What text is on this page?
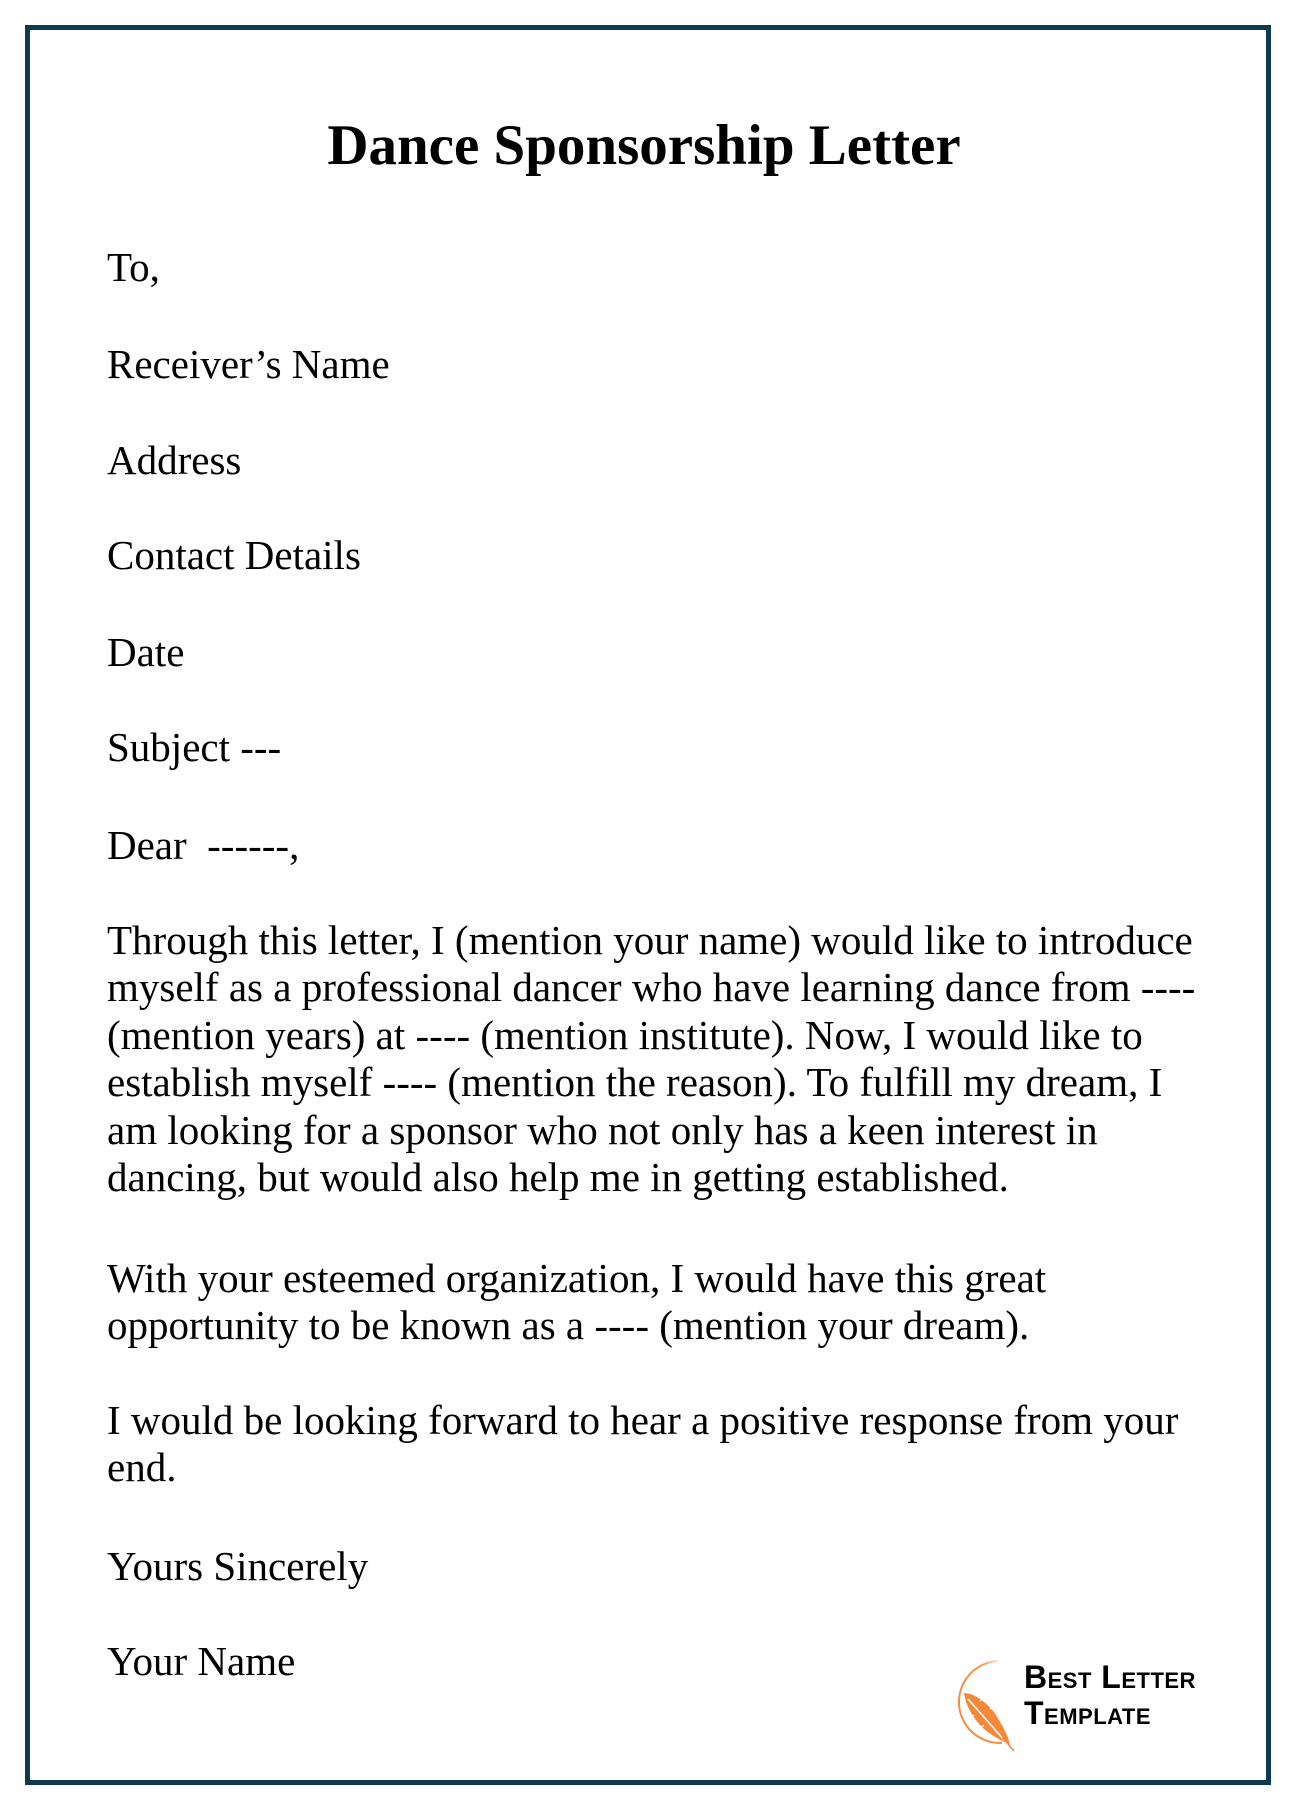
Dance Sponsorship Letter

To,

Receiver’s Name

Address

Contact Details

Date

Subject ---

Dear  ------,

Through this letter, I (mention your name) would like to introduce

myself as a professional dancer who have learning dance from ----

(mention years) at ---- (mention institute). Now, I would like to

establish myself ---- (mention the reason). To fulfill my dream, I

am looking for a sponsor who not only has a keen interest in

dancing, but would also help me in getting established.

With your esteemed organization, I would have this great

opportunity to be known as a ---- (mention your dream).

I would be looking forward to hear a positive response from your

end.

Yours Sincerely

Your Name	Best Letter
Template
